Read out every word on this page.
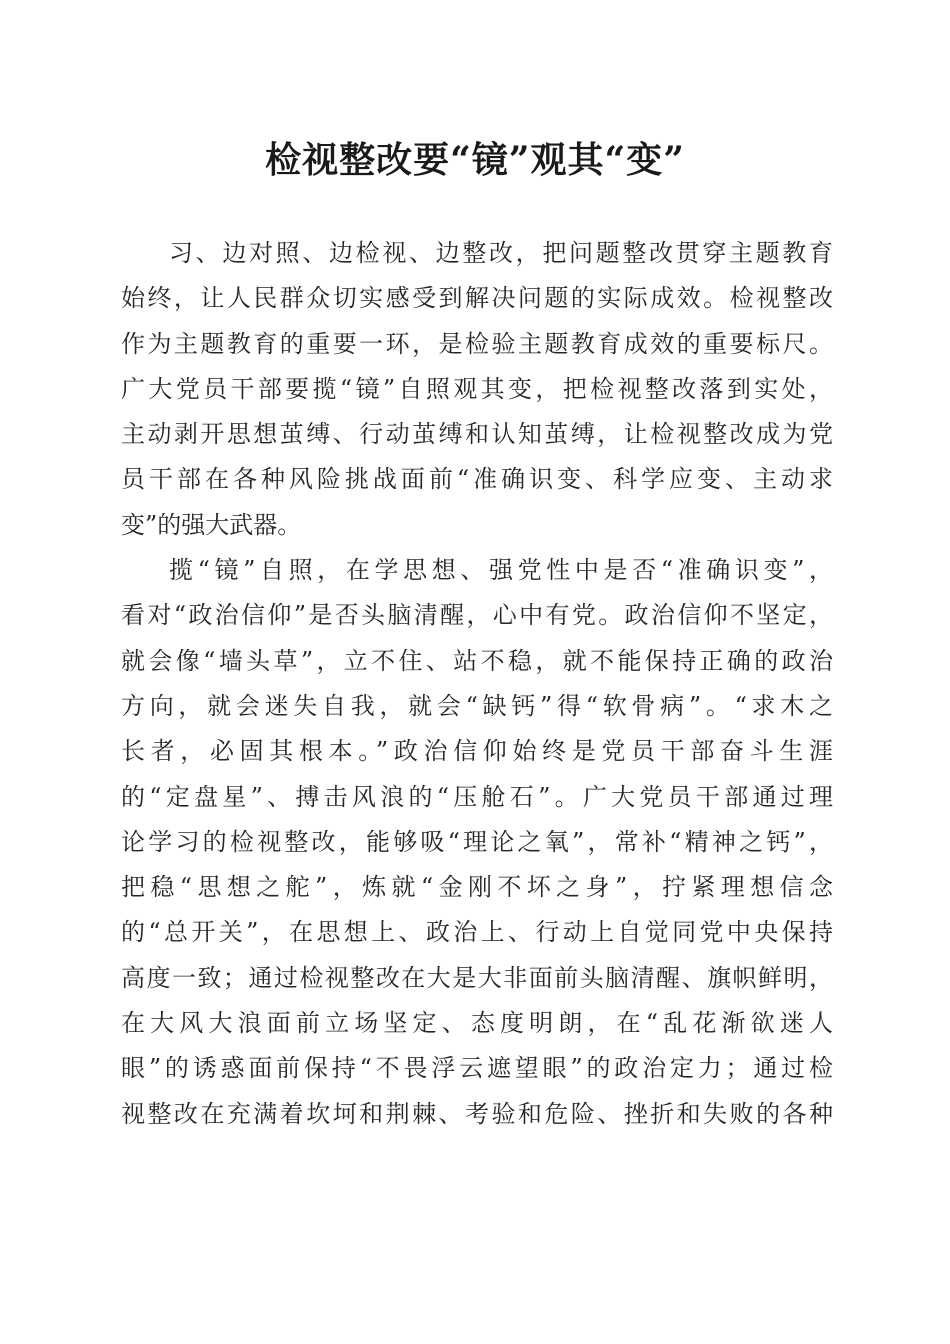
检视整改要“镜”观其“变”
习、边对照、边检视、边整改，把问题整改贯穿主题教育
始终，让人民群众切实感受到解决问题的实际成效。检视整改
作为主题教育的重要一环，是检验主题教育成效的重要标尺。
广大党员干部要揽“镜”自照观其变，把检视整改落到实处，
主动剥开思想茧缚、行动茧缚和认知茧缚，让检视整改成为党
员干部在各种风险挑战面前“准确识变、科学应变、主动求
变”的强大武器。
揽“镜”自照，在学思想、强党性中是否“准确识变”，
看对“政治信仰”是否头脑清醒，心中有党。政治信仰不坚定，
就会像“墙头草”，立不住、站不稳，就不能保持正确的政治
方向，就会迷失自我，就会“缺钙”得“软骨病”。“求木之
长者，必固其根本。”政治信仰始终是党员干部奋斗生涯
的“定盘星”、搏击风浪的“压舱石”。广大党员干部通过理
论学习的检视整改，能够吸“理论之氧”，常补“精神之钙”，
把稳“思想之舵”，炼就“金刚不坏之身”，拧紧理想信念
的“总开关”，在思想上、政治上、行动上自觉同党中央保持
高度一致；通过检视整改在大是大非面前头脑清醒、旗帜鲜明，
在大风大浪面前立场坚定、态度明朗，在“乱花渐欲迷人
眼”的诱惑面前保持“不畏浮云遮望眼”的政治定力；通过检
视整改在充满着坎坷和荆棘、考验和危险、挫折和失败的各种
